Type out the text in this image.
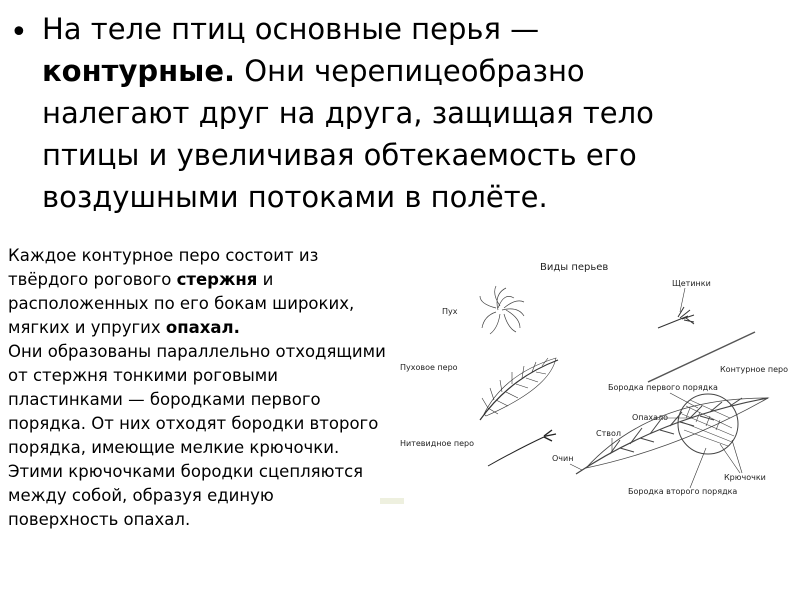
• На теле птиц основные перья — контурные. Они черепицеобразно налегают друг на друга, защищая тело птицы и увеличивая обтекаемость его воздушными потоками в полёте.
Каждое контурное перо состоит из твёрдого рогового стержня и расположенных по его бокам широких, мягких и упругих опахал.
Они образованы параллельно отходящими от стержня тонкими роговыми пластинками — бородками первого порядка. От них отходят бородки второго порядка, имеющие мелкие крючочки. Этими крючочками бородки сцепляются между собой, образуя единую поверхность опахал.
Виды перьев
Щетинки
Пух
Контурное перо
Пуховое перо
Нитевидное перо
Бородка первого порядка
Опахало
Ствол
Очин
Крючочки
Бородка второго порядка
